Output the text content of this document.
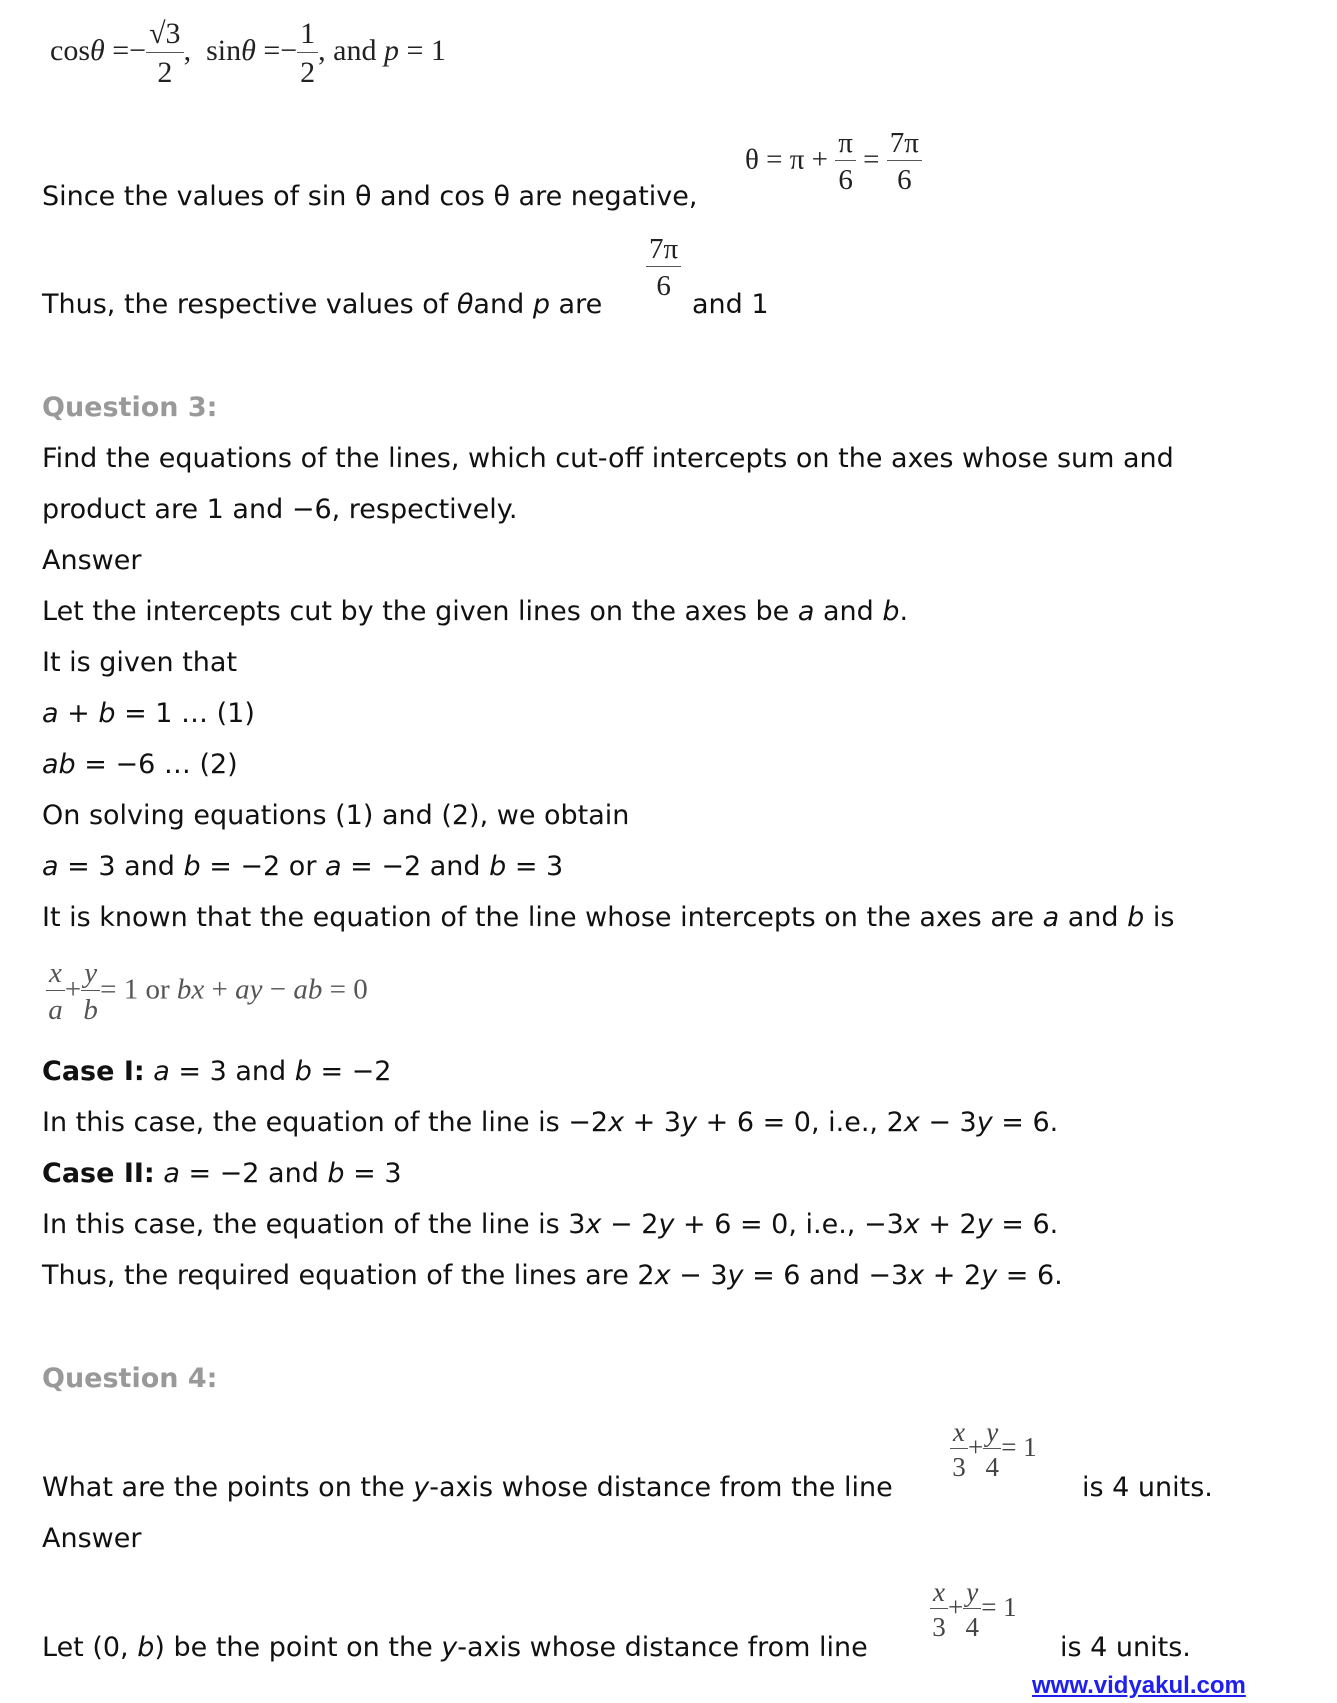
$\cos\theta =- \frac{√3}{2}$ , $\sin\theta =- \frac{1}{2}$ , and p = 1
Since the values of sin θ and cos θ are negative,
$\theta = \pi + \frac{\pi}{6} = \frac{7\pi}{6}$
Thus, the respective values of θand p are
$\frac{7\pi}{6}$
and 1
Question 3:
Find the equations of the lines, which cut-off intercepts on the axes whose sum and
product are 1 and −6, respectively.
Answer
Let the intercepts cut by the given lines on the axes be a and b.
It is given that
a + b = 1 … (1)
ab = −6 … (2)
On solving equations (1) and (2), we obtain
a = 3 and b = −2 or a = −2 and b = 3
It is known that the equation of the line whose intercepts on the axes are a and b is
$\frac{x}{a} + \frac{y}{b} = 1$ or bx + ay − ab = 0
Case I: a = 3 and b = −2
In this case, the equation of the line is −2x + 3y + 6 = 0, i.e., 2x − 3y = 6.
Case II: a = −2 and b = 3
In this case, the equation of the line is 3x − 2y + 6 = 0, i.e., −3x + 2y = 6.
Thus, the required equation of the lines are 2x − 3y = 6 and −3x + 2y = 6.
Question 4:
What are the points on the y-axis whose distance from the line
$\frac{x}{3} + \frac{y}{4} = 1$
is 4 units.
Answer
Let (0, b) be the point on the y-axis whose distance from line
$\frac{x}{3} + \frac{y}{4} = 1$
is 4 units.
www.vidyakul.com
